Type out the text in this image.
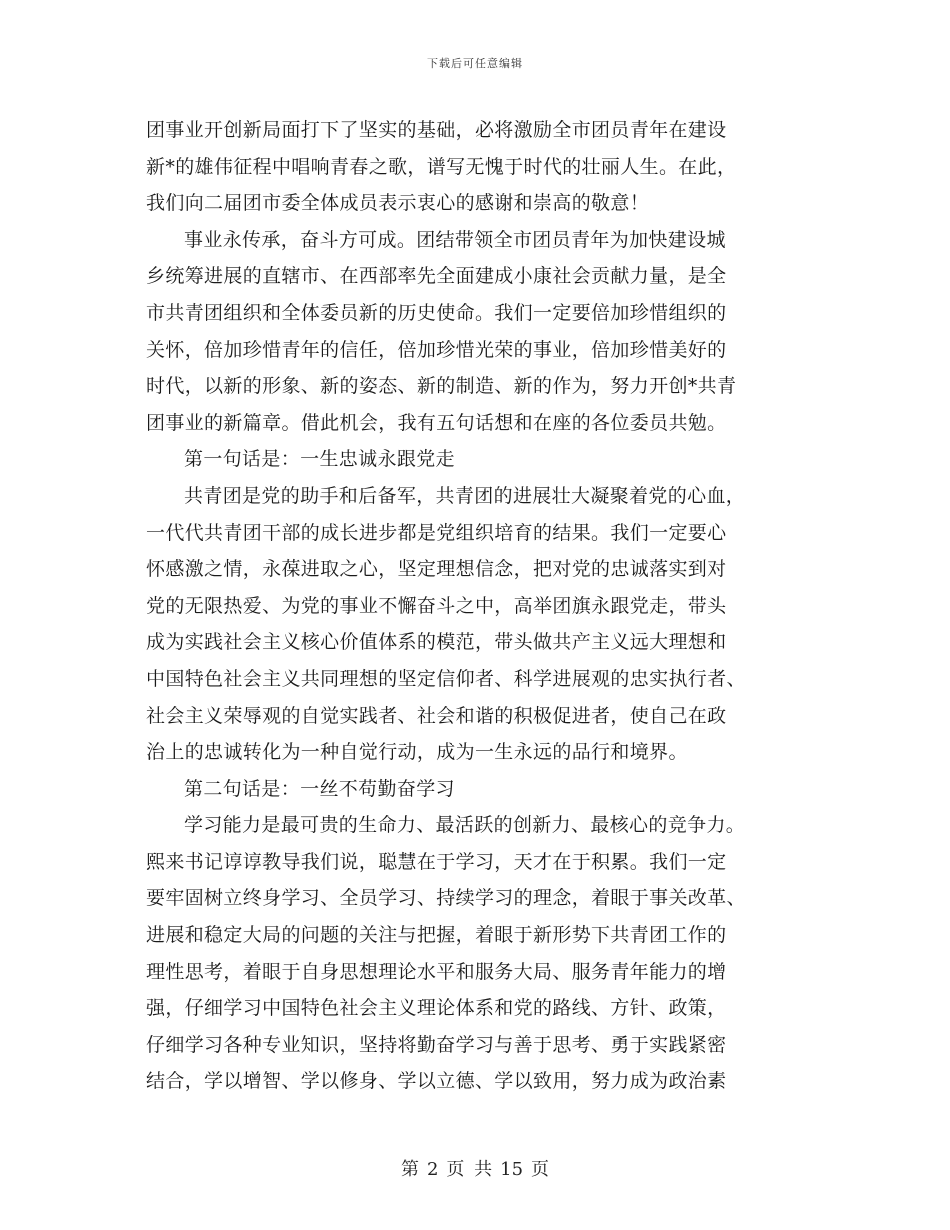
下载后可任意编辑
团事业开创新局面打下了坚实的基础，必将激励全市团员青年在建设
新*的雄伟征程中唱响青春之歌，谱写无愧于时代的壮丽人生。在此，
我们向二届团市委全体成员表示衷心的感谢和崇高的敬意！
事业永传承，奋斗方可成。团结带领全市团员青年为加快建设城
乡统筹进展的直辖市、在西部率先全面建成小康社会贡献力量，是全
市共青团组织和全体委员新的历史使命。我们一定要倍加珍惜组织的
关怀，倍加珍惜青年的信任，倍加珍惜光荣的事业，倍加珍惜美好的
时代，以新的形象、新的姿态、新的制造、新的作为，努力开创*共青
团事业的新篇章。借此机会，我有五句话想和在座的各位委员共勉。
第一句话是：一生忠诚永跟党走
共青团是党的助手和后备军，共青团的进展壮大凝聚着党的心血，
一代代共青团干部的成长进步都是党组织培育的结果。我们一定要心
怀感激之情，永葆进取之心，坚定理想信念，把对党的忠诚落实到对
党的无限热爱、为党的事业不懈奋斗之中，高举团旗永跟党走，带头
成为实践社会主义核心价值体系的模范，带头做共产主义远大理想和
中国特色社会主义共同理想的坚定信仰者、科学进展观的忠实执行者、
社会主义荣辱观的自觉实践者、社会和谐的积极促进者，使自己在政
治上的忠诚转化为一种自觉行动，成为一生永远的品行和境界。
第二句话是：一丝不苟勤奋学习
学习能力是最可贵的生命力、最活跃的创新力、最核心的竞争力。
熙来书记谆谆教导我们说，聪慧在于学习，天才在于积累。我们一定
要牢固树立终身学习、全员学习、持续学习的理念，着眼于事关改革、
进展和稳定大局的问题的关注与把握，着眼于新形势下共青团工作的
理性思考，着眼于自身思想理论水平和服务大局、服务青年能力的增
强，仔细学习中国特色社会主义理论体系和党的路线、方针、政策，
仔细学习各种专业知识，坚持将勤奋学习与善于思考、勇于实践紧密
结合，学以增智、学以修身、学以立德、学以致用，努力成为政治素
第 2 页 共 15 页
